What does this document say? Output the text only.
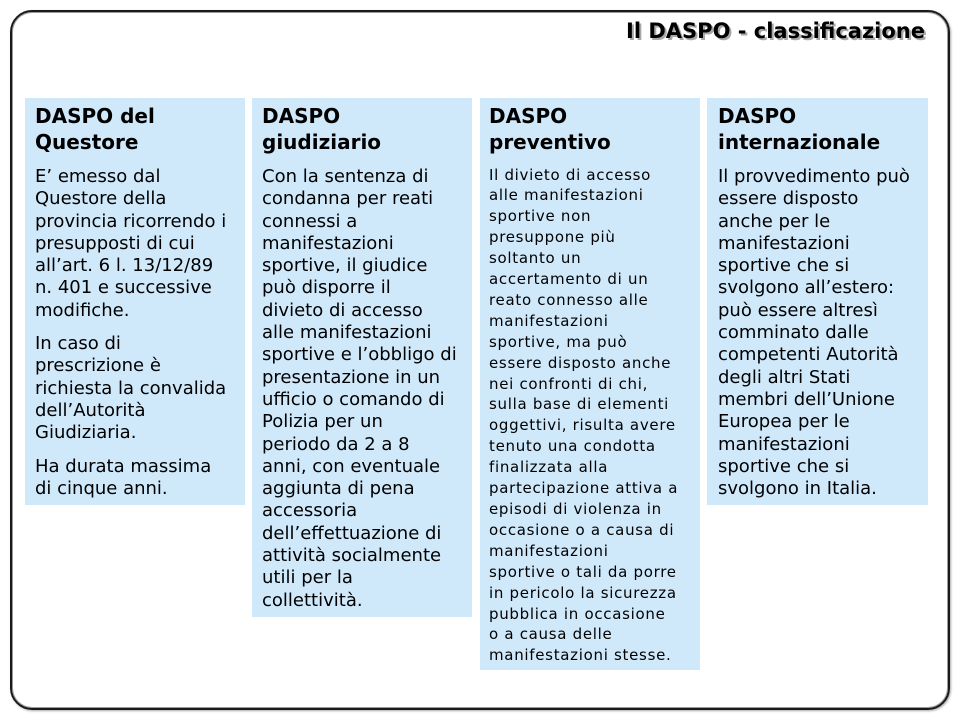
Il DASPO - classificazione
DASPO del
Questore
E’ emesso dal
Questore della
provincia ricorrendo i
presupposti di cui
all’art. 6 l. 13/12/89
n. 401 e successive
modifiche.
In caso di
prescrizione è
richiesta la convalida
dell’Autorità
Giudiziaria.
Ha durata massima
di cinque anni.
DASPO
giudiziario
Con la sentenza di
condanna per reati
connessi a
manifestazioni
sportive, il giudice
può disporre il
divieto di accesso
alle manifestazioni
sportive e l’obbligo di
presentazione in un
ufficio o comando di
Polizia per un
periodo da 2 a 8
anni, con eventuale
aggiunta di pena
accessoria
dell’effettuazione di
attività socialmente
utili per la
collettività.
DASPO
preventivo
Il divieto di accesso
alle manifestazioni
sportive non
presuppone più
soltanto un
accertamento di un
reato connesso alle
manifestazioni
sportive, ma può
essere disposto anche
nei confronti di chi,
sulla base di elementi
oggettivi, risulta avere
tenuto una condotta
finalizzata alla
partecipazione attiva a
episodi di violenza in
occasione o a causa di
manifestazioni
sportive o tali da porre
in pericolo la sicurezza
pubblica in occasione
o a causa delle
manifestazioni stesse.
DASPO
internazionale
Il provvedimento può
essere disposto
anche per le
manifestazioni
sportive che si
svolgono all’estero:
può essere altresì
comminato dalle
competenti Autorità
degli altri Stati
membri dell’Unione
Europea per le
manifestazioni
sportive che si
svolgono in Italia.
